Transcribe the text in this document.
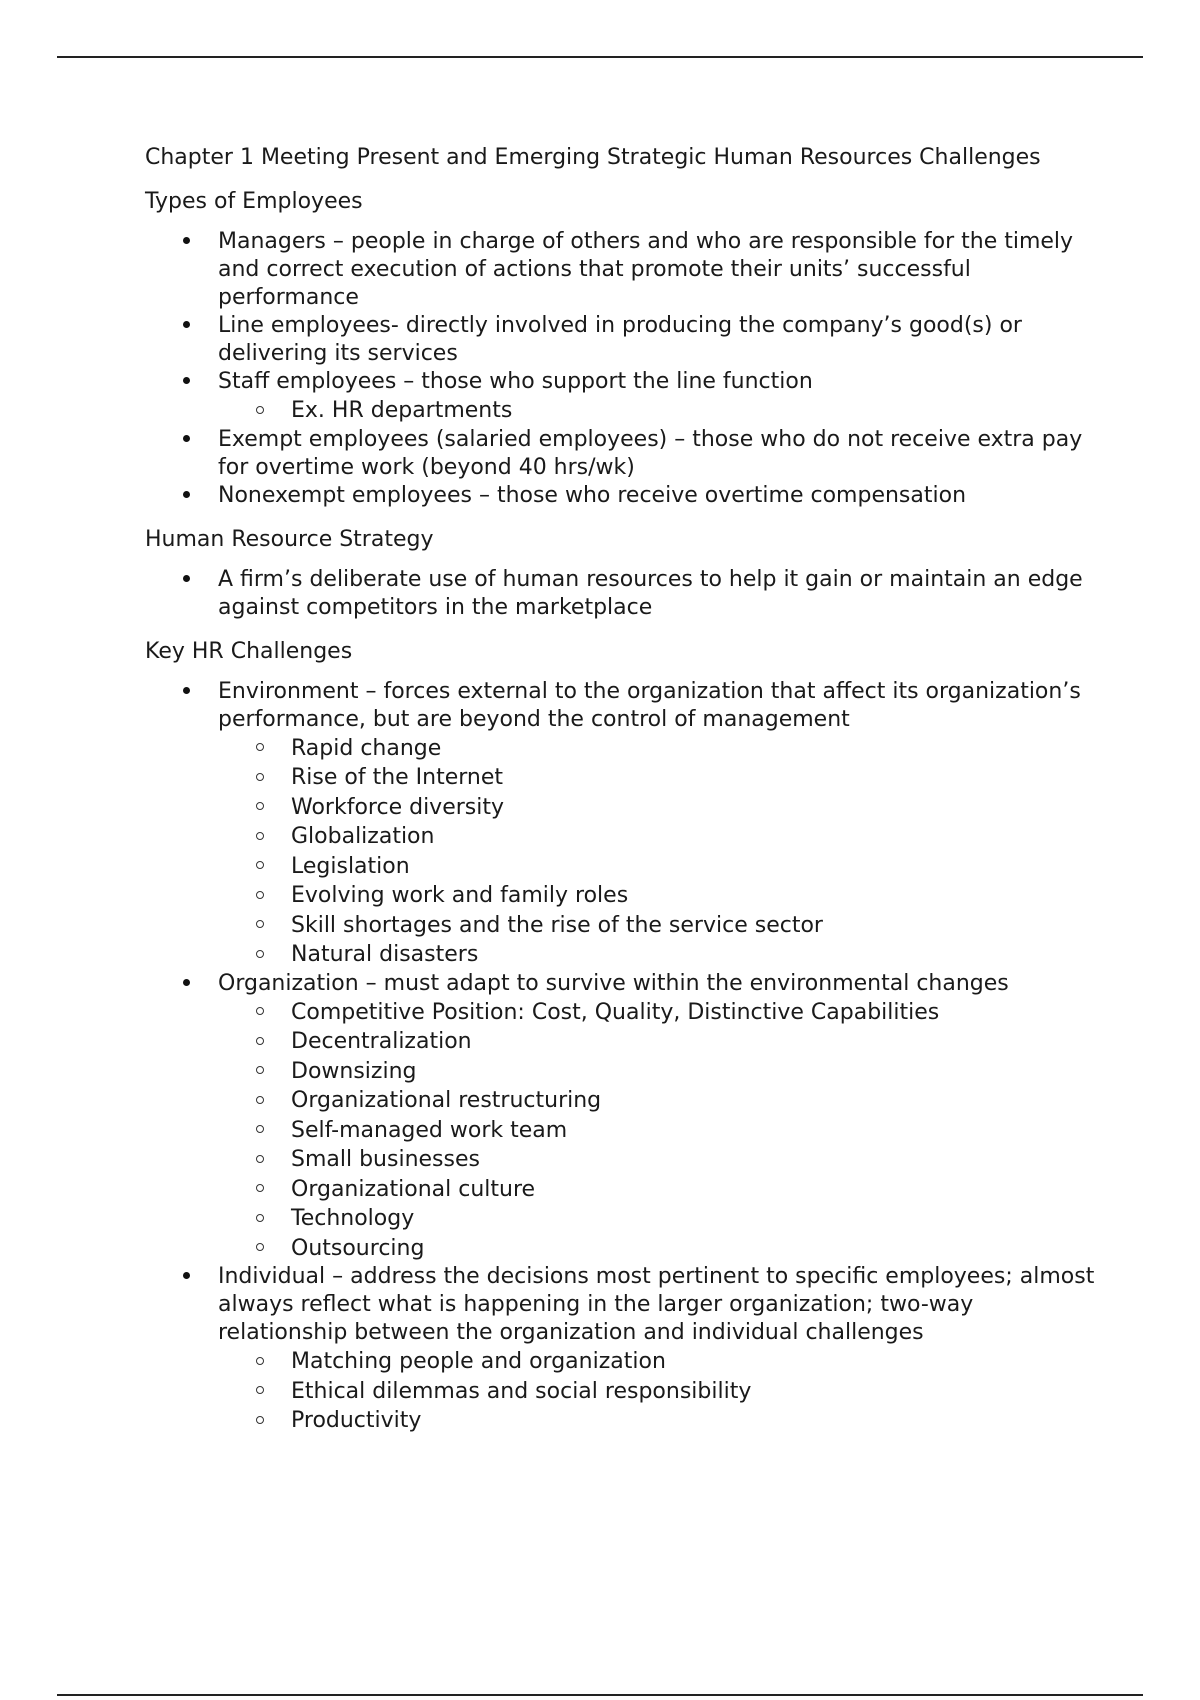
Chapter 1 Meeting Present and Emerging Strategic Human Resources Challenges
Types of Employees
Managers – people in charge of others and who are responsible for the timely and correct execution of actions that promote their units’ successful performance
Line employees- directly involved in producing the company’s good(s) or delivering its services
Staff employees – those who support the line function
Ex. HR departments
Exempt employees (salaried employees) – those who do not receive extra pay for overtime work (beyond 40 hrs/wk)
Nonexempt employees – those who receive overtime compensation
Human Resource Strategy
A firm’s deliberate use of human resources to help it gain or maintain an edge against competitors in the marketplace
Key HR Challenges
Environment – forces external to the organization that affect its organization’s performance, but are beyond the control of management
Rapid change
Rise of the Internet
Workforce diversity
Globalization
Legislation
Evolving work and family roles
Skill shortages and the rise of the service sector
Natural disasters
Organization – must adapt to survive within the environmental changes
Competitive Position: Cost, Quality, Distinctive Capabilities
Decentralization
Downsizing
Organizational restructuring
Self-managed work team
Small businesses
Organizational culture
Technology
Outsourcing
Individual – address the decisions most pertinent to specific employees; almost always reflect what is happening in the larger organization; two-way relationship between the organization and individual challenges
Matching people and organization
Ethical dilemmas and social responsibility
Productivity
